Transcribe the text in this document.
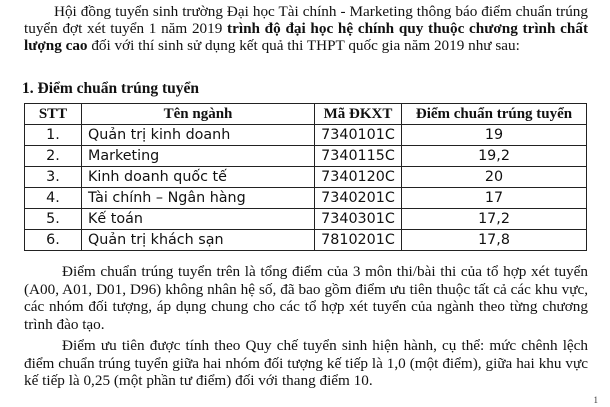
Hội đồng tuyển sinh trường Đại học Tài chính - Marketing thông báo điểm chuẩn trúng tuyển đợt xét tuyển 1 năm 2019 trình độ đại học hệ chính quy thuộc chương trình chất lượng cao đối với thí sinh sử dụng kết quả thi THPT quốc gia năm 2019 như sau:

1. Điểm chuẩn trúng tuyển

STT	Tên ngành	Mã ĐKXT	Điểm chuẩn trúng tuyển
1.	Quản trị kinh doanh	7340101C	19
2.	Marketing	7340115C	19,2
3.	Kinh doanh quốc tế	7340120C	20
4.	Tài chính – Ngân hàng	7340201C	17
5.	Kế toán	7340301C	17,2
6.	Quản trị khách sạn	7810201C	17,8

Điểm chuẩn trúng tuyển trên là tổng điểm của 3 môn thi/bài thi của tổ hợp xét tuyển (A00, A01, D01, D96) không nhân hệ số, đã bao gồm điểm ưu tiên thuộc tất cả các khu vực, các nhóm đối tượng, áp dụng chung cho các tổ hợp xét tuyển của ngành theo từng chương trình đào tạo.

Điểm ưu tiên được tính theo Quy chế tuyển sinh hiện hành, cụ thể: mức chênh lệch điểm chuẩn trúng tuyển giữa hai nhóm đối tượng kế tiếp là 1,0 (một điểm), giữa hai khu vực kế tiếp là 0,25 (một phần tư điểm) đối với thang điểm 10.

1
